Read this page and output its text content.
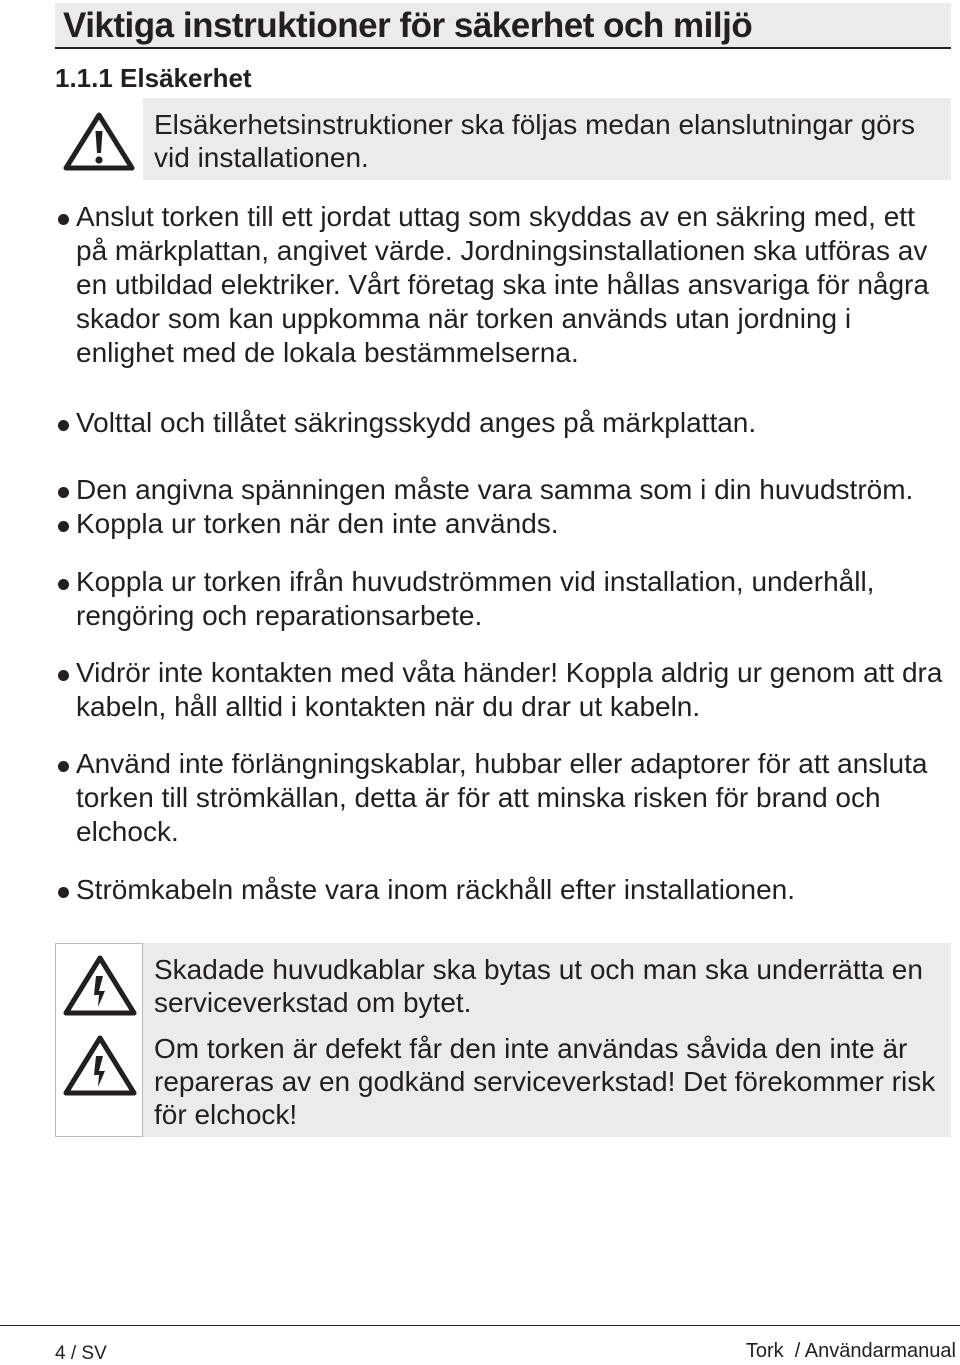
Viktiga instruktioner för säkerhet och miljö
1.1.1 Elsäkerhet
Elsäkerhetsinstruktioner ska följas medan elanslutningar görs vid installationen.
Anslut torken till ett jordat uttag som skyddas av en säkring med, ett på märkplattan, angivet värde. Jordningsinstallationen ska utföras av en utbildad elektriker. Vårt företag ska inte hållas ansvariga för några skador som kan uppkomma när torken används utan jordning i enlighet med de lokala bestämmelserna.
Volttal och tillåtet säkringsskydd anges på märkplattan.
Den angivna spänningen måste vara samma som i din huvudström.
Koppla ur torken när den inte används.
Koppla ur torken ifrån huvudströmmen vid installation, underhåll, rengöring och reparationsarbete.
Vidrör inte kontakten med våta händer! Koppla aldrig ur genom att dra kabeln, håll alltid i kontakten när du drar ut kabeln.
Använd inte förlängningskablar, hubbar eller adaptorer för att ansluta torken till strömkällan, detta är för att minska risken för brand och elchock.
Strömkabeln måste vara inom räckhåll efter installationen.
Skadade huvudkablar ska bytas ut och man ska underrätta en serviceverkstad om bytet.
Om torken är defekt får den inte användas såvida den inte är repareras av en godkänd serviceverkstad! Det förekommer risk för elchock!
4 / SV	Tork  / Användarmanual
